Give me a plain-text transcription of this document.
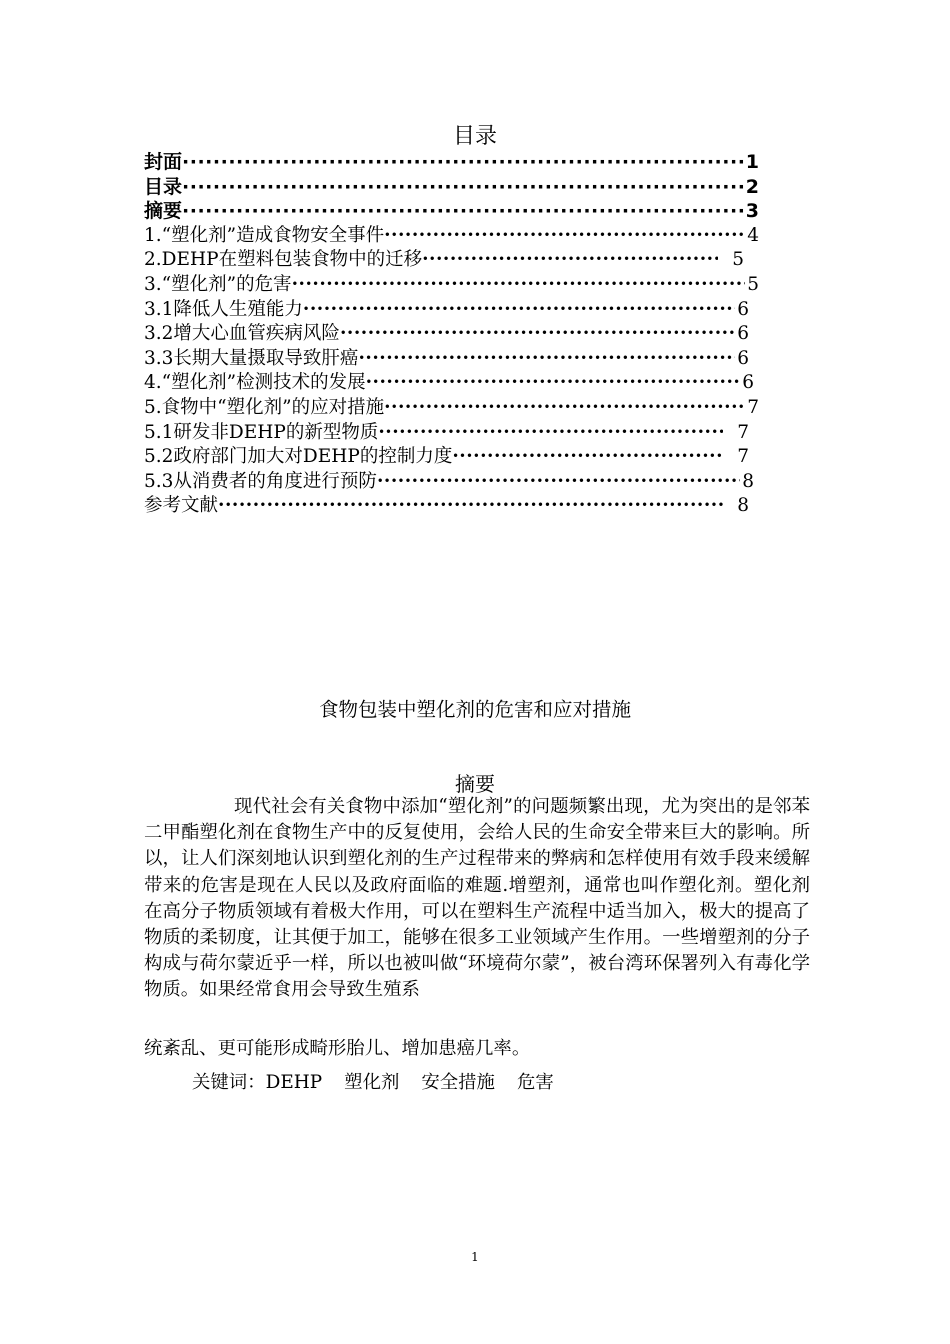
目录
封面 ·····	1
目录 ·····	2
摘要 ·····	3
1.“塑化剂”造成食物安全事件 ·····	4
2.DEHP在塑料包装食物中的迁移 ·····	5
3.“塑化剂”的危害 ·····	5
3.1降低人生殖能力 ·····	6
3.2增大心血管疾病风险 ·····	6
3.3长期大量摄取导致肝癌 ·····	6
4.“塑化剂”检测技术的发展 ·····	6
5.食物中“塑化剂”的应对措施 ·····	7
5.1研发非DEHP的新型物质 ·····	7
5.2政府部门加大对DEHP的控制力度 ·····	7
5.3从消费者的角度进行预防 ·····	8
参考文献 ·····	8
食物包装中塑化剂的危害和应对措施
摘要

现代社会有关食物中添加“塑化剂”的问题频繁出现，尤为突出的是邻苯二甲酯塑化剂在食物生产中的反复使用，会给人民的生命安全带来巨大的影响。所以，让人们深刻地认识到塑化剂的生产过程带来的弊病和怎样使用有效手段来缓解带来的危害是现在人民以及政府面临的难题.增塑剂，通常也叫作塑化剂。塑化剂在高分子物质领域有着极大作用，可以在塑料生产流程中适当加入，极大的提高了物质的柔韧度，让其便于加工，能够在很多工业领域产生作用。一些增塑剂的分子构成与荷尔蒙近乎一样，所以也被叫做“环境荷尔蒙”，被台湾环保署列入有毒化学物质。如果经常食用会导致生殖系

统紊乱、更可能形成畸形胎儿、增加患癌几率。

关键词：DEHP 塑化剂 安全措施 危害
1
